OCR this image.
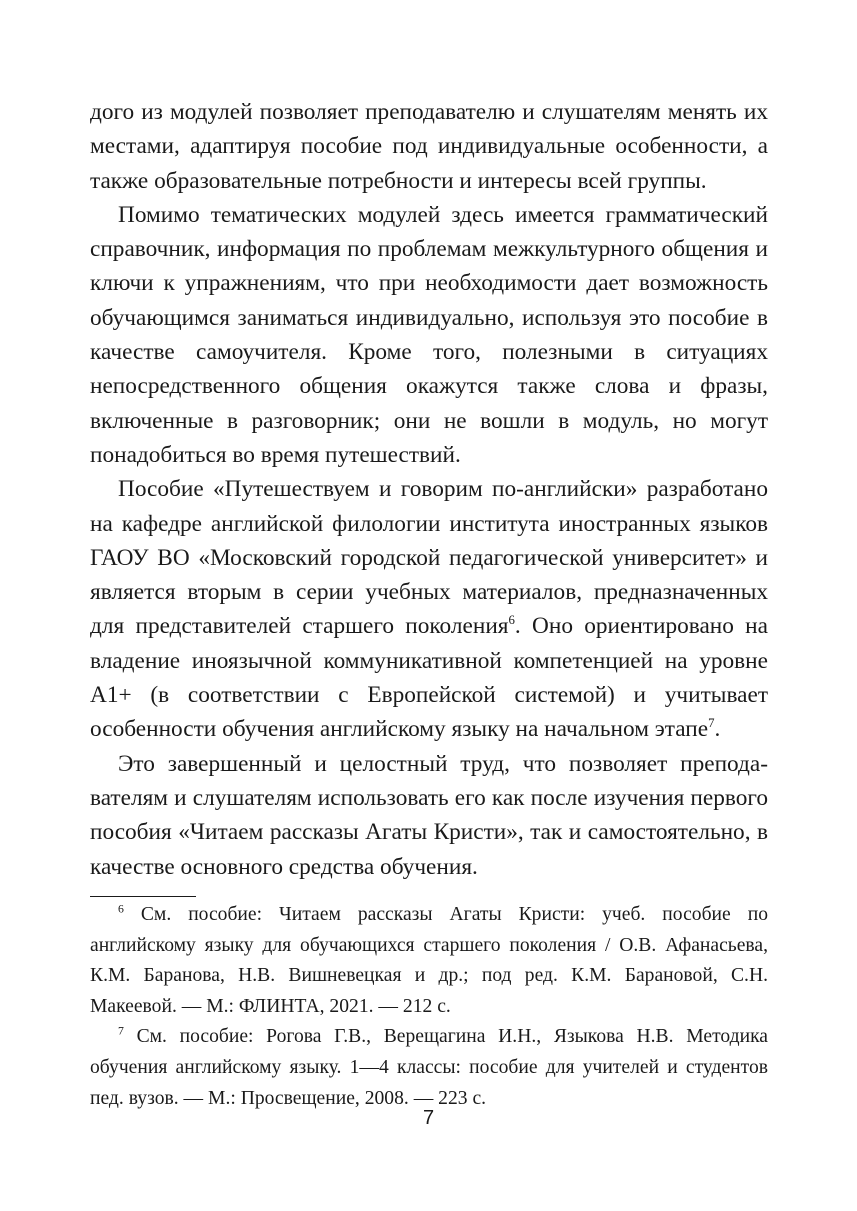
дого из модулей позволяет преподавателю и слушателям менять их местами, адаптируя пособие под индивидуальные особенности, а также образовательные потребности и интересы всей группы.

Помимо тематических модулей здесь имеется грамматический справочник, информация по проблемам межкультурного общения и ключи к упражнениям, что при необходимости дает возможность обучающимся заниматься индивидуально, используя это пособие в качестве самоучителя. Кроме того, полезными в ситуациях непосредственного общения окажутся также слова и фразы, включенные в разговорник; они не вошли в модуль, но могут понадобиться во время путешествий.

Пособие «Путешествуем и говорим по-английски» разработано на кафедре английской филологии института иностранных языков ГАОУ ВО «Московский городской педагогической университет» и является вторым в серии учебных материалов, предназначенных для представителей старшего поколения$^6$. Оно ориентировано на владение иноязычной коммуникативной компетенцией на уровне А1+ (в соответствии с Европейской системой) и учитывает особенности обучения английскому языку на начальном этапе$^7$.

Это завершенный и целостный труд, что позволяет преподавателям и слушателям использовать его как после изучения первого пособия «Читаем рассказы Агаты Кристи», так и самостоятельно, в качестве основного средства обучения.

$^6$ См. пособие: Читаем рассказы Агаты Кристи: учеб. пособие по английскому языку для обучающихся старшего поколения / О.В. Афанасьева, К.М. Баранова, Н.В. Вишневецкая и др.; под ред. К.М. Барановой, С.Н. Макеевой. — М.: ФЛИНТА, 2021. — 212 с.

$^7$ См. пособие: Рогова Г.В., Верещагина И.Н., Языкова Н.В. Методика обучения английскому языку. 1—4 классы: пособие для учителей и студентов пед. вузов. — М.: Просвещение, 2008. — 223 с.

7
